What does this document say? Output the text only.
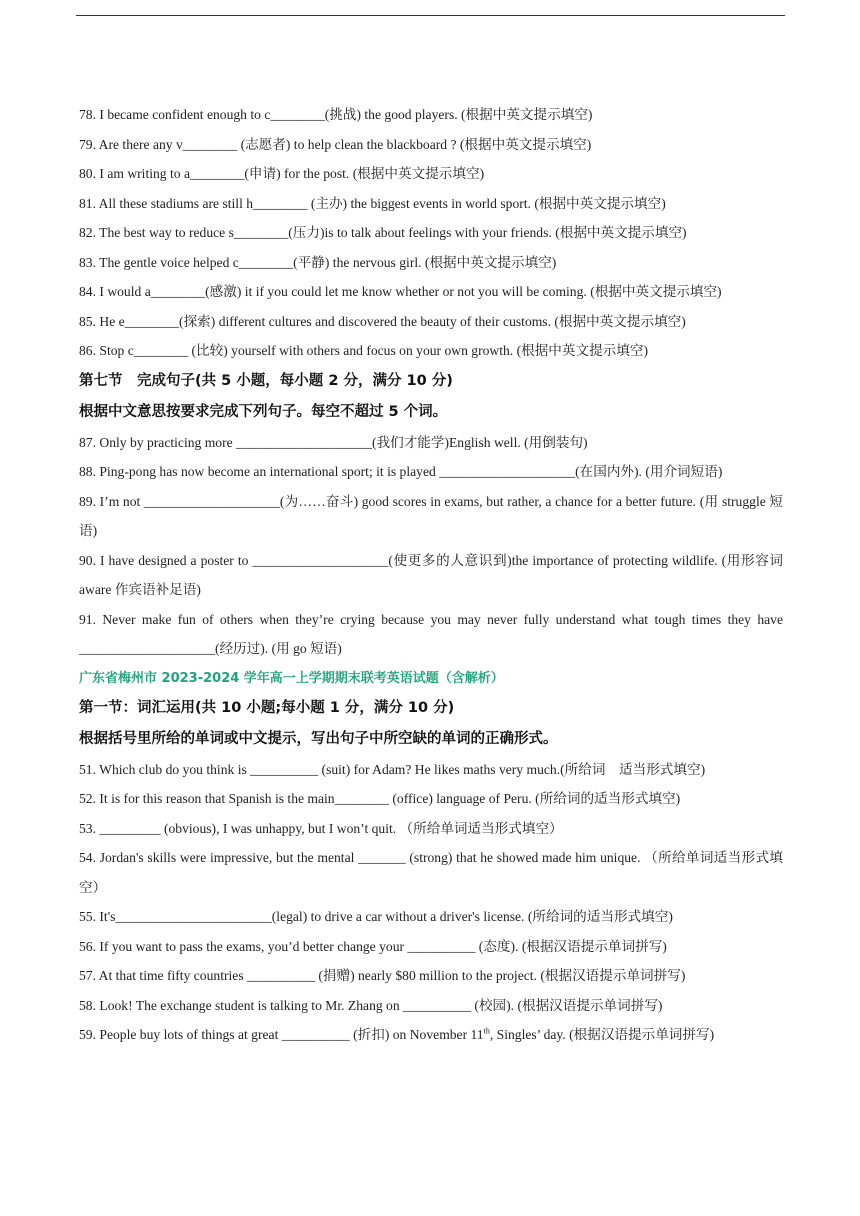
78. I became confident enough to c________(挑战) the good players. (根据中英文提示填空)
79. Are there any v________ (志愿者) to help clean the blackboard ? (根据中英文提示填空)
80. I am writing to a________(申请) for the post. (根据中英文提示填空)
81. All these stadiums are still h________ (主办) the biggest events in world sport. (根据中英文提示填空)
82. The best way to reduce s________(压力)is to talk about feelings with your friends. (根据中英文提示填空)
83. The gentle voice helped c________(平静) the nervous girl. (根据中英文提示填空)
84. I would a________(感激) it if you could let me know whether or not you will be coming. (根据中英文提示填空)
85. He e________(探索) different cultures and discovered the beauty of their customs. (根据中英文提示填空)
86. Stop c________ (比较) yourself with others and focus on your own growth. (根据中英文提示填空)
第七节　完成句子(共 5 小题，每小题 2 分，满分 10 分)
根据中文意思按要求完成下列句子。每空不超过 5 个词。
87. Only by practicing more ____________________(我们才能学)English well. (用倒装句)
88. Ping-pong has now become an international sport; it is played ____________________(在国内外). (用介词短语)
89. I’m not ____________________(为……奋斗) good scores in exams, but rather, a chance for a better future. (用 struggle 短语)
90. I have designed a poster to ____________________(使更多的人意识到)the importance of protecting wildlife. (用形容词 aware 作宾语补足语)
91. Never make fun of others when they’re crying because you may never fully understand what tough times they have ____________________(经历过). (用 go 短语)
广东省梅州市 2023-2024 学年高一上学期期末联考英语试题（含解析）
第一节：词汇运用(共 10 小题;每小题 1 分，满分 10 分)
根据括号里所给的单词或中文提示，写出句子中所空缺的单词的正确形式。
51. Which club do you think is __________ (suit) for Adam? He likes maths very much.(所给词　适当形式填空)
52. It is for this reason that Spanish is the main________ (office) language of Peru. (所给词的适当形式填空)
53. _________ (obvious), I was unhappy, but I won’t quit. （所给单词适当形式填空）
54. Jordan's skills were impressive, but the mental _______ (strong) that he showed made him unique. （所给单词适当形式填空）
55. It's_______________________(legal) to drive a car without a driver's license. (所给词的适当形式填空)
56. If you want to pass the exams, you’d better change your __________ (态度). (根据汉语提示单词拼写)
57. At that time fifty countries __________ (捐赠) nearly $80 million to the project. (根据汉语提示单词拼写)
58. Look! The exchange student is talking to Mr. Zhang on __________ (校园). (根据汉语提示单词拼写)
59. People buy lots of things at great __________ (折扣) on November 11th, Singles’ day. (根据汉语提示单词拼写)
